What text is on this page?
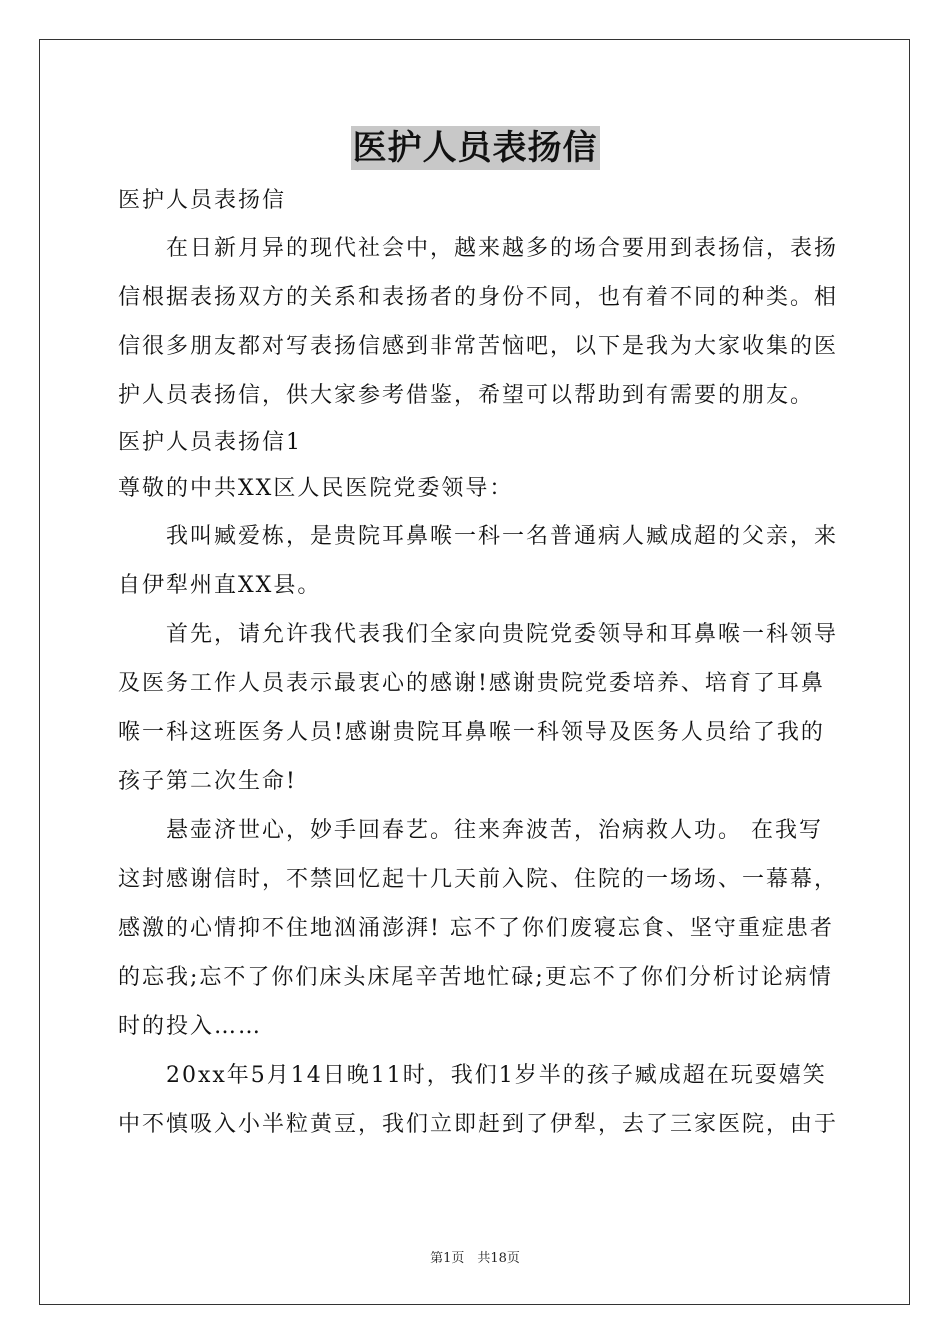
医护人员表扬信
医护人员表扬信
在日新月异的现代社会中，越来越多的场合要用到表扬信，表扬
信根据表扬双方的关系和表扬者的身份不同，也有着不同的种类。相
信很多朋友都对写表扬信感到非常苦恼吧，以下是我为大家收集的医
护人员表扬信，供大家参考借鉴，希望可以帮助到有需要的朋友。
医护人员表扬信1
尊敬的中共XX区人民医院党委领导：
我叫臧爱栋，是贵院耳鼻喉一科一名普通病人臧成超的父亲，来
自伊犁州直XX县。
首先，请允许我代表我们全家向贵院党委领导和耳鼻喉一科领导
及医务工作人员表示最衷心的感谢!感谢贵院党委培养、培育了耳鼻
喉一科这班医务人员!感谢贵院耳鼻喉一科领导及医务人员给了我的
孩子第二次生命!
悬壶济世心，妙手回春艺。往来奔波苦，治病救人功。 在我写
这封感谢信时，不禁回忆起十几天前入院、住院的一场场、一幕幕，
感激的心情抑不住地汹涌澎湃! 忘不了你们废寝忘食、坚守重症患者
的忘我;忘不了你们床头床尾辛苦地忙碌;更忘不了你们分析讨论病情
时的投入……
20xx年5月14日晚11时，我们1岁半的孩子臧成超在玩耍嬉笑
中不慎吸入小半粒黄豆，我们立即赶到了伊犁，去了三家医院，由于
第1页　共18页
